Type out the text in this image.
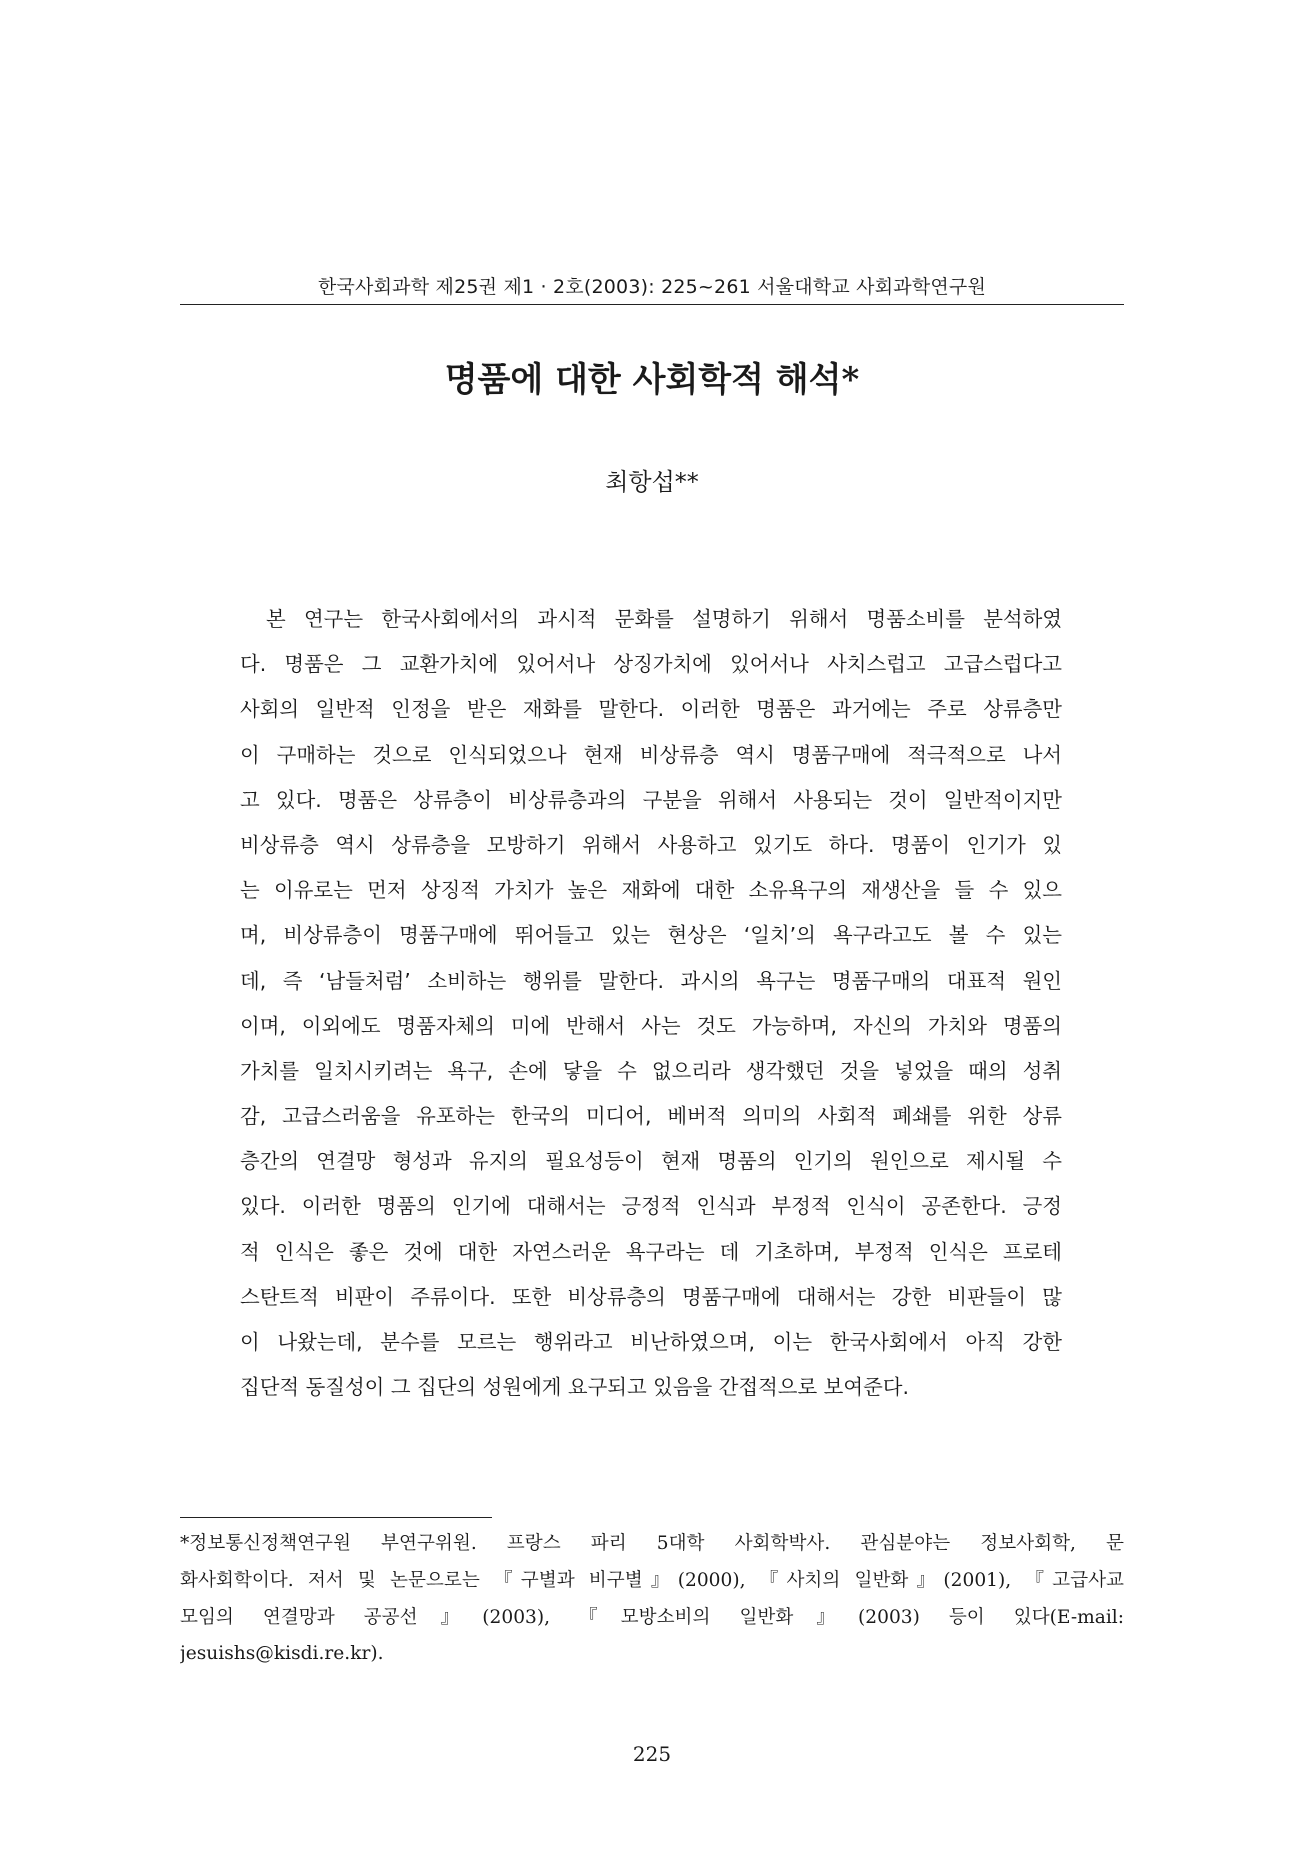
한국사회과학 제25권 제1 · 2호(2003): 225~261 서울대학교 사회과학연구원
명품에 대한 사회학적 해석*
최항섭**
본 연구는 한국사회에서의 과시적 문화를 설명하기 위해서 명품소비를 분석하였
다. 명품은 그 교환가치에 있어서나 상징가치에 있어서나 사치스럽고 고급스럽다고
사회의 일반적 인정을 받은 재화를 말한다. 이러한 명품은 과거에는 주로 상류층만
이 구매하는 것으로 인식되었으나 현재 비상류층 역시 명품구매에 적극적으로 나서
고 있다. 명품은 상류층이 비상류층과의 구분을 위해서 사용되는 것이 일반적이지만
비상류층 역시 상류층을 모방하기 위해서 사용하고 있기도 하다. 명품이 인기가 있
는 이유로는 먼저 상징적 가치가 높은 재화에 대한 소유욕구의 재생산을 들 수 있으
며, 비상류층이 명품구매에 뛰어들고 있는 현상은 ‘일치’의 욕구라고도 볼 수 있는
데, 즉 ‘남들처럼’ 소비하는 행위를 말한다. 과시의 욕구는 명품구매의 대표적 원인
이며, 이외에도 명품자체의 미에 반해서 사는 것도 가능하며, 자신의 가치와 명품의
가치를 일치시키려는 욕구, 손에 닿을 수 없으리라 생각했던 것을 넣었을 때의 성취
감, 고급스러움을 유포하는 한국의 미디어, 베버적 의미의 사회적 폐쇄를 위한 상류
층간의 연결망 형성과 유지의 필요성등이 현재 명품의 인기의 원인으로 제시될 수
있다. 이러한 명품의 인기에 대해서는 긍정적 인식과 부정적 인식이 공존한다. 긍정
적 인식은 좋은 것에 대한 자연스러운 욕구라는 데 기초하며, 부정적 인식은 프로테
스탄트적 비판이 주류이다. 또한 비상류층의 명품구매에 대해서는 강한 비판들이 많
이 나왔는데, 분수를 모르는 행위라고 비난하였으며, 이는 한국사회에서 아직 강한
집단적 동질성이 그 집단의 성원에게 요구되고 있음을 간접적으로 보여준다.
*정보통신정책연구원 부연구위원. 프랑스 파리 5대학 사회학박사. 관심분야는 정보사회학, 문
화사회학이다. 저서 및 논문으로는 『구별과 비구별』(2000), 『사치의 일반화』(2001), 『고급사교
모임의 연결망과 공공선』(2003), 『모방소비의 일반화』(2003) 등이 있다(E-mail:
jesuishs@kisdi.re.kr).
225
